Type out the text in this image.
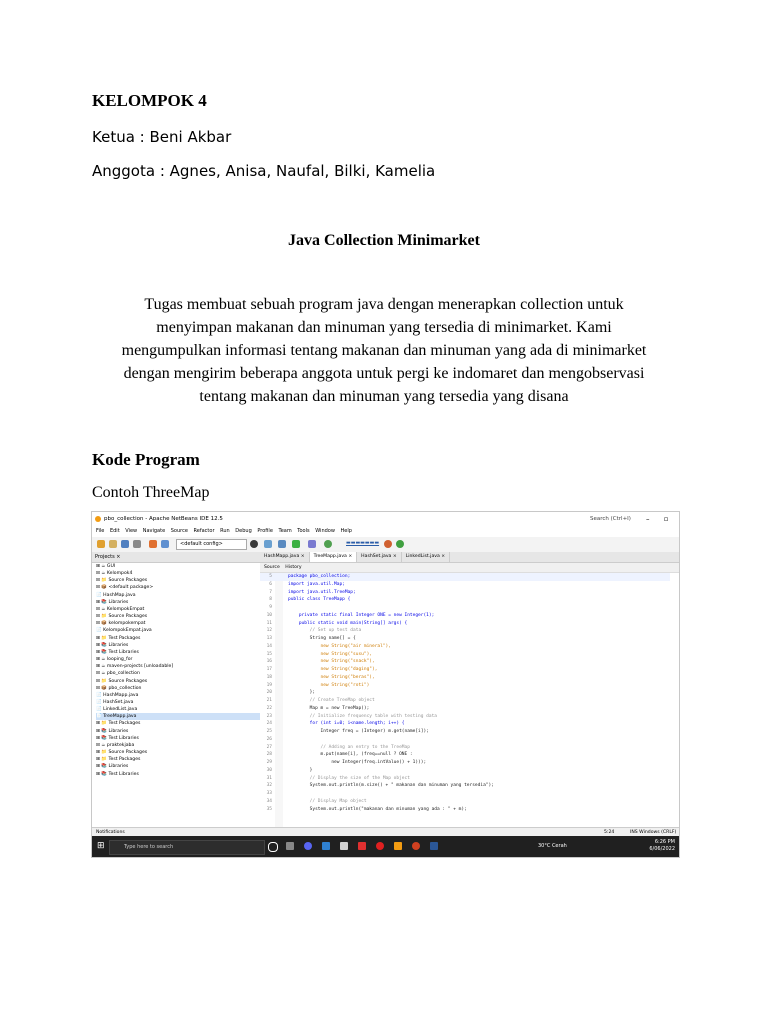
KELOMPOK 4
Ketua : Beni Akbar
Anggota : Agnes, Anisa, Naufal, Bilki, Kamelia
Java Collection Minimarket
Tugas membuat sebuah program java dengan menerapkan collection untuk
menyimpan makanan dan minuman yang tersedia di minimarket. Kami
mengumpulkan informasi tentang makanan dan minuman yang ada di minimarket
dengan mengirim beberapa anggota untuk pergi ke indomaret dan mengobservasi
tentang makanan dan minuman yang tersedia yang disana
Kode Program
Contoh ThreeMap
pbo_collection - Apache NetBeans IDE 12.5	Search (Ctrl+I) – ▫
File Edit View Navigate Source Refactor Run Debug Profile Team Tools Window Help
<default config>	▬▬▬▬▬▬▬
Projects ×
⊞ ☕ GUI
⊟ ☕ Kelompok4
⊟ 📁 Source Packages
⊟ 📦 <default package>
📄 HashMap.java
⊞ 📚 Libraries
⊟ ☕ KelompokEmpat
⊟ 📁 Source Packages
⊟ 📦 kelompokempat
📄 KelompokEmpat.java
⊞ 📁 Test Packages
⊞ 📚 Libraries
⊞ 📚 Test Libraries
⊞ ☕ looping_for
⊞ ☕ maven-projects [unloadable]
⊟ ☕ pbo_collection
⊟ 📁 Source Packages
⊟ 📦 pbo_collection
📄 HashMapp.java
📄 HashSet.java
📄 LinkedList.java
📄 TreeMapp.java
⊞ 📁 Test Packages
⊞ 📚 Libraries
⊞ 📚 Test Libraries
⊟ ☕ praktekjaba
⊞ 📁 Source Packages
⊞ 📁 Test Packages
⊞ 📚 Libraries
⊞ 📚 Test Libraries
HashMapp.java × TreeMapp.java × HashSet.java × LinkedList.java ×
Source History
5	package pbo_collection;
6	import java.util.Map;
7	import java.util.TreeMap;
8	public class TreeMapp {
9
10	private static final Integer ONE = new Integer(1);
11	public static void main(String[] args) {
12	// Set up test data
13	String name[] = {
14	new String("air mineral"),
15	new String("susu"),
16	new String("snack"),
17	new String("daging"),
18	new String("beras"),
19	new String("roti")
20	};
21	// Create TreeMap object
22	Map m = new TreeMap();
23	// Initialize frequency table with testing data
24	for (int i=0; i<name.length; i++) {
25	Integer freq = (Integer) m.get(name[i]);
26
27	// Adding an entry to the TreeMap
28	m.put(name[i], (freq==null ? ONE :
29	new Integer(freq.intValue() + 1)));
30	}
31	// Display the size of the Map object
32	System.out.println(m.size() + " makanan dan minuman yang tersedia");
33
34	// Display Map object
35	System.out.println("makanan dan minuman yang ada : " + m);
Notifications	5:24	INS Windows (CRLF)
⊞	Type here to search	30°C Cerah
6:26 PM
6/06/2022
